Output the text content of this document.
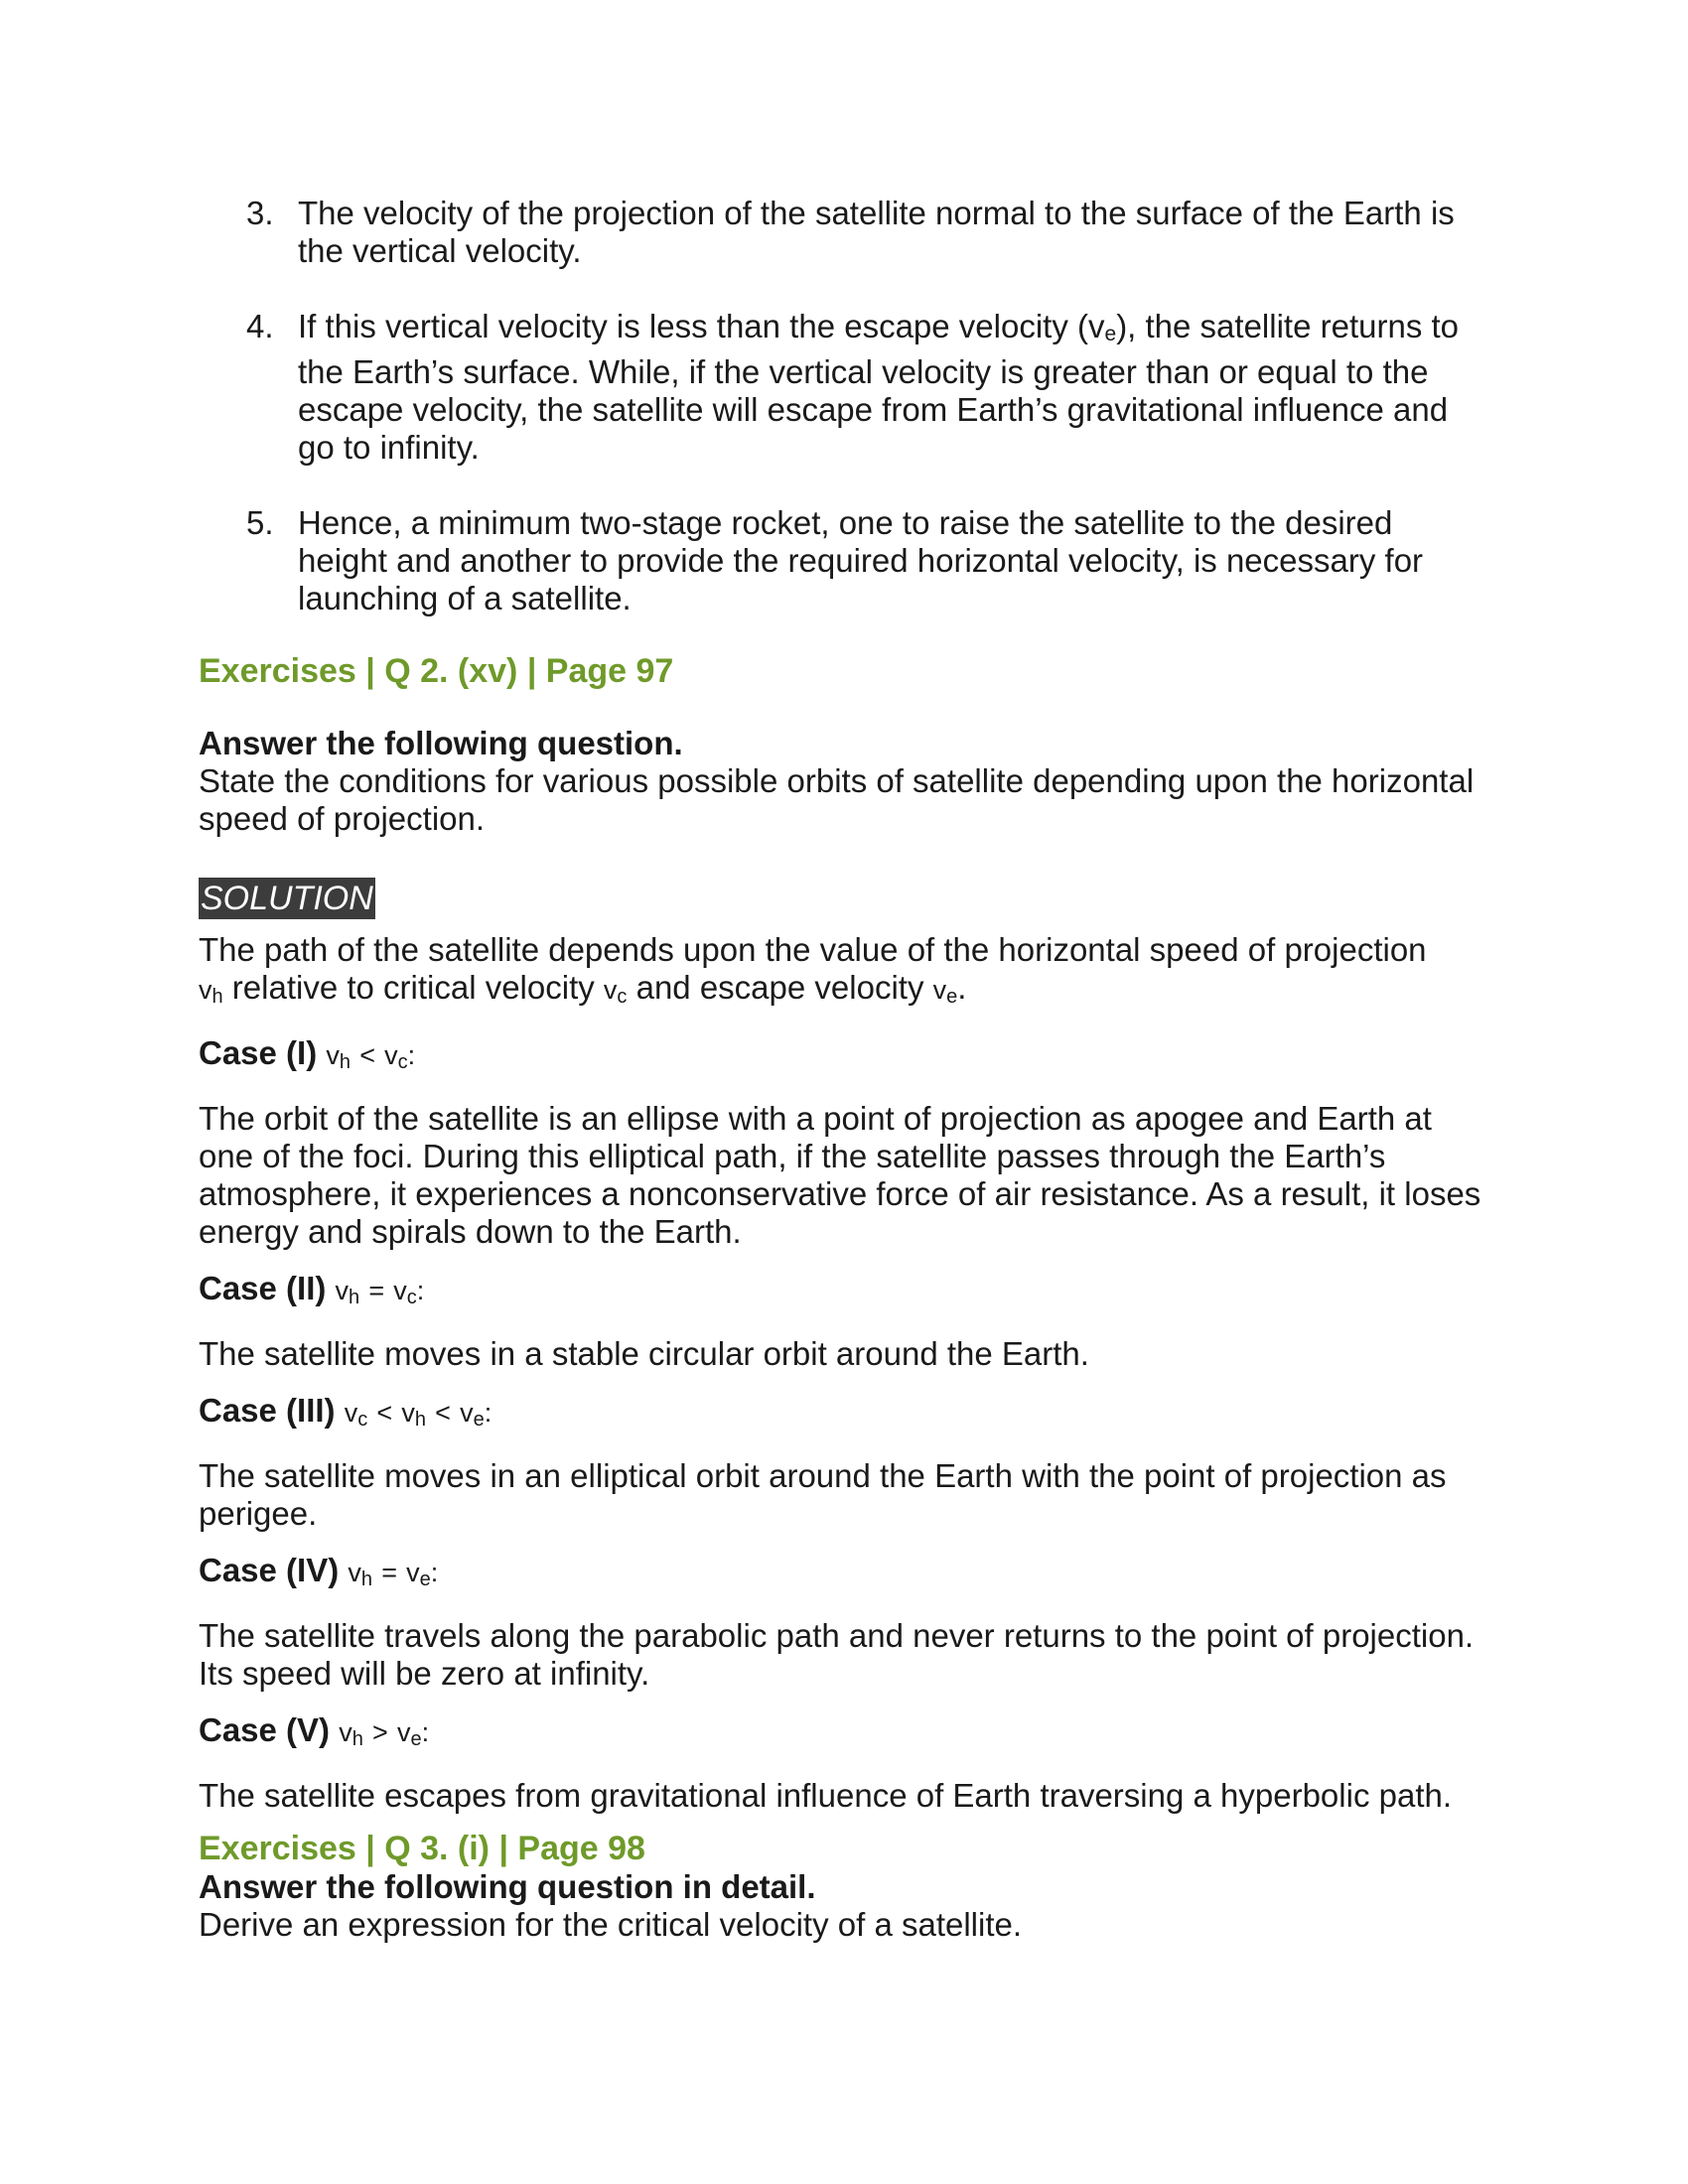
3. The velocity of the projection of the satellite normal to the surface of the Earth is the vertical velocity.
4. If this vertical velocity is less than the escape velocity (ve), the satellite returns to the Earth’s surface. While, if the vertical velocity is greater than or equal to the escape velocity, the satellite will escape from Earth’s gravitational influence and go to infinity.
5. Hence, a minimum two-stage rocket, one to raise the satellite to the desired height and another to provide the required horizontal velocity, is necessary for launching of a satellite.
Exercises | Q 2. (xv) | Page 97
Answer the following question.
State the conditions for various possible orbits of satellite depending upon the horizontal speed of projection.
SOLUTION
The path of the satellite depends upon the value of the horizontal speed of projection
$v_h$ relative to critical velocity $v_c$ and escape velocity $v_e$.
Case (I) $v_h < v_c$:
The orbit of the satellite is an ellipse with a point of projection as apogee and Earth at one of the foci. During this elliptical path, if the satellite passes through the Earth’s atmosphere, it experiences a nonconservative force of air resistance. As a result, it loses energy and spirals down to the Earth.
Case (II) $v_h = v_c$:
The satellite moves in a stable circular orbit around the Earth.
Case (III) $v_c < v_h < v_e$:
The satellite moves in an elliptical orbit around the Earth with the point of projection as perigee.
Case (IV) $v_h = v_e$:
The satellite travels along the parabolic path and never returns to the point of projection. Its speed will be zero at infinity.
Case (V) $v_h > v_e$:
The satellite escapes from gravitational influence of Earth traversing a hyperbolic path.
Exercises | Q 3. (i) | Page 98
Answer the following question in detail.
Derive an expression for the critical velocity of a satellite.
